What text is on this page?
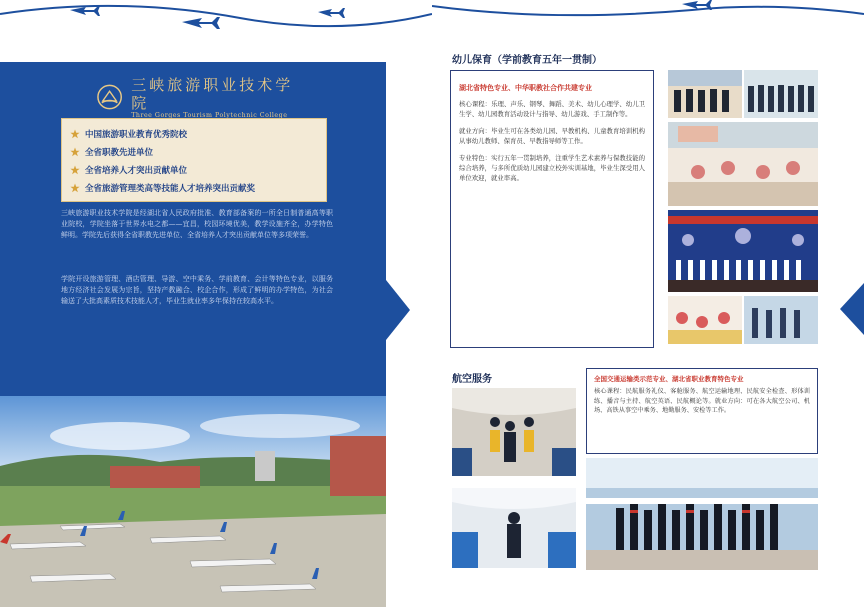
三峡旅游职业技术学院
Three Gorges Tourism Polytechnic College
中国旅游职业教育优秀院校
全省职教先进单位
全省培养人才突出贡献单位
全省旅游管理类高等技能人才培养突出贡献奖

三峡旅游职业技术学院是经湖北省人民政府批准、教育部备案的一所全日制普通高等职业院校，学院坐落于世界水电之都——宜昌，校园环境优美，教学设施齐全，办学特色鲜明。学院先后获得全省职教先进单位、全省培养人才突出贡献单位等多项荣誉。

学院开设旅游管理、酒店管理、导游、空中乘务、学前教育、会计等特色专业，以服务地方经济社会发展为宗旨，坚持产教融合、校企合作，形成了鲜明的办学特色，为社会输送了大批高素质技术技能人才，毕业生就业率多年保持在较高水平。

幼儿保育（学前教育五年一贯制）
湖北省特色专业、中华职教社合作共建专业

核心课程：乐理、声乐、钢琴、舞蹈、美术、幼儿心理学、幼儿卫生学、幼儿园教育活动设计与指导、幼儿游戏、手工制作等。

就业方向：毕业生可在各类幼儿园、早教机构、儿童教育培训机构从事幼儿教师、保育员、早教指导师等工作。

专业特色：实行五年一贯制培养，注重学生艺术素养与保教技能的综合培养，与多所优质幼儿园建立校外实训基地，毕业生深受用人单位欢迎，就业率高。

航空服务	全国交通运输类示范专业、湖北省职业教育特色专业

核心课程：民航服务礼仪、客舱服务、航空运输地理、民航安全检查、形体训练、播音与主持、航空英语、民航概论等。就业方向：可在各大航空公司、机场、高铁从事空中乘务、地勤服务、安检等工作。
